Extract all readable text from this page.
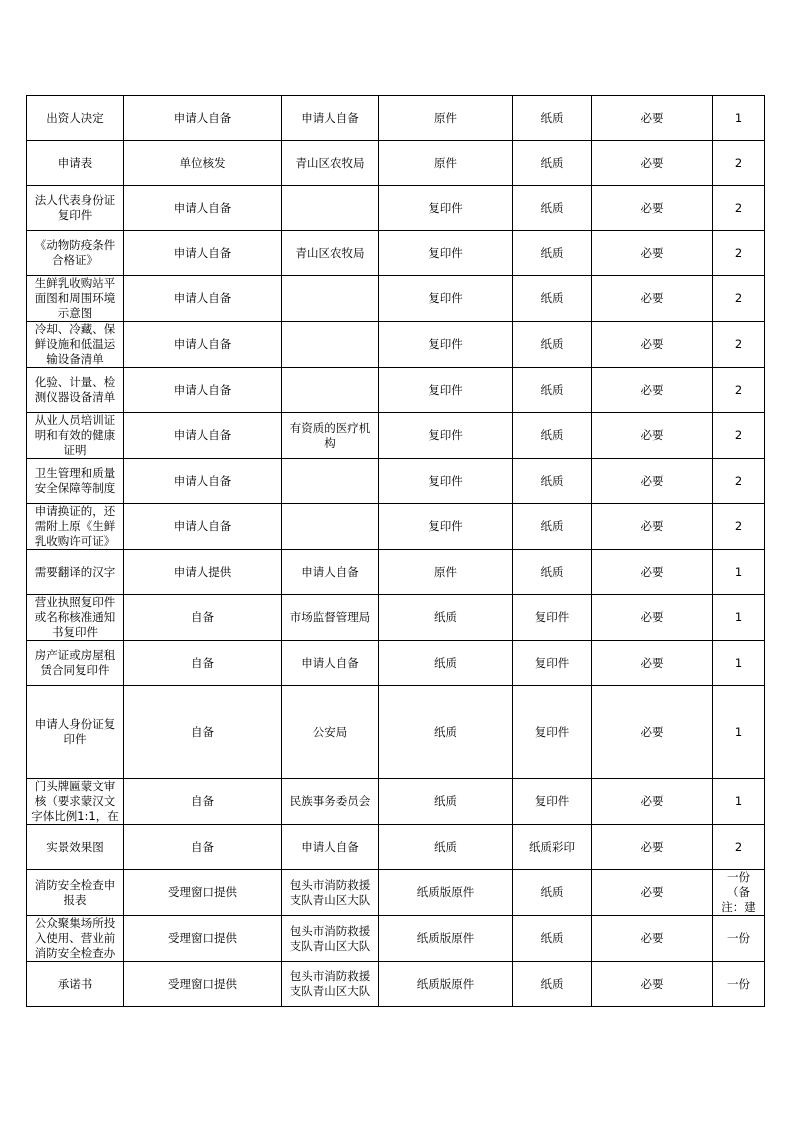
出资人决定	申请人自备	申请人自备	原件	纸质	必要	1
申请表	单位核发	青山区农牧局	原件	纸质	必要	2
法人代表身份证复印件	申请人自备		复印件	纸质	必要	2
《动物防疫条件合格证》	申请人自备	青山区农牧局	复印件	纸质	必要	2
生鲜乳收购站平面图和周围环境示意图	申请人自备		复印件	纸质	必要	2
冷却、冷藏、保鲜设施和低温运输设备清单	申请人自备		复印件	纸质	必要	2
化验、计量、检测仪器设备清单	申请人自备		复印件	纸质	必要	2
从业人员培训证明和有效的健康证明	申请人自备	有资质的医疗机构	复印件	纸质	必要	2
卫生管理和质量安全保障等制度	申请人自备		复印件	纸质	必要	2
申请换证的，还需附上原《生鲜乳收购许可证》	申请人自备		复印件	纸质	必要	2
需要翻译的汉字	申请人提供	申请人自备	原件	纸质	必要	1
营业执照复印件或名称核准通知书复印件	自备	市场监督管理局	纸质	复印件	必要	1
房产证或房屋租赁合同复印件	自备	申请人自备	纸质	复印件	必要	1
申请人身份证复印件	自备	公安局	纸质	复印件	必要	1
门头牌匾蒙文审核（要求蒙汉文字体比例1:1，在	自备	民族事务委员会	纸质	复印件	必要	1
实景效果图	自备	申请人自备	纸质	纸质彩印	必要	2
消防安全检查申报表	受理窗口提供	包头市消防救援支队青山区大队	纸质版原件	纸质	必要	一份（备注：建
公众聚集场所投入使用、营业前消防安全检查办	受理窗口提供	包头市消防救援支队青山区大队	纸质版原件	纸质	必要	一份
承诺书	受理窗口提供	包头市消防救援支队青山区大队	纸质版原件	纸质	必要	一份
